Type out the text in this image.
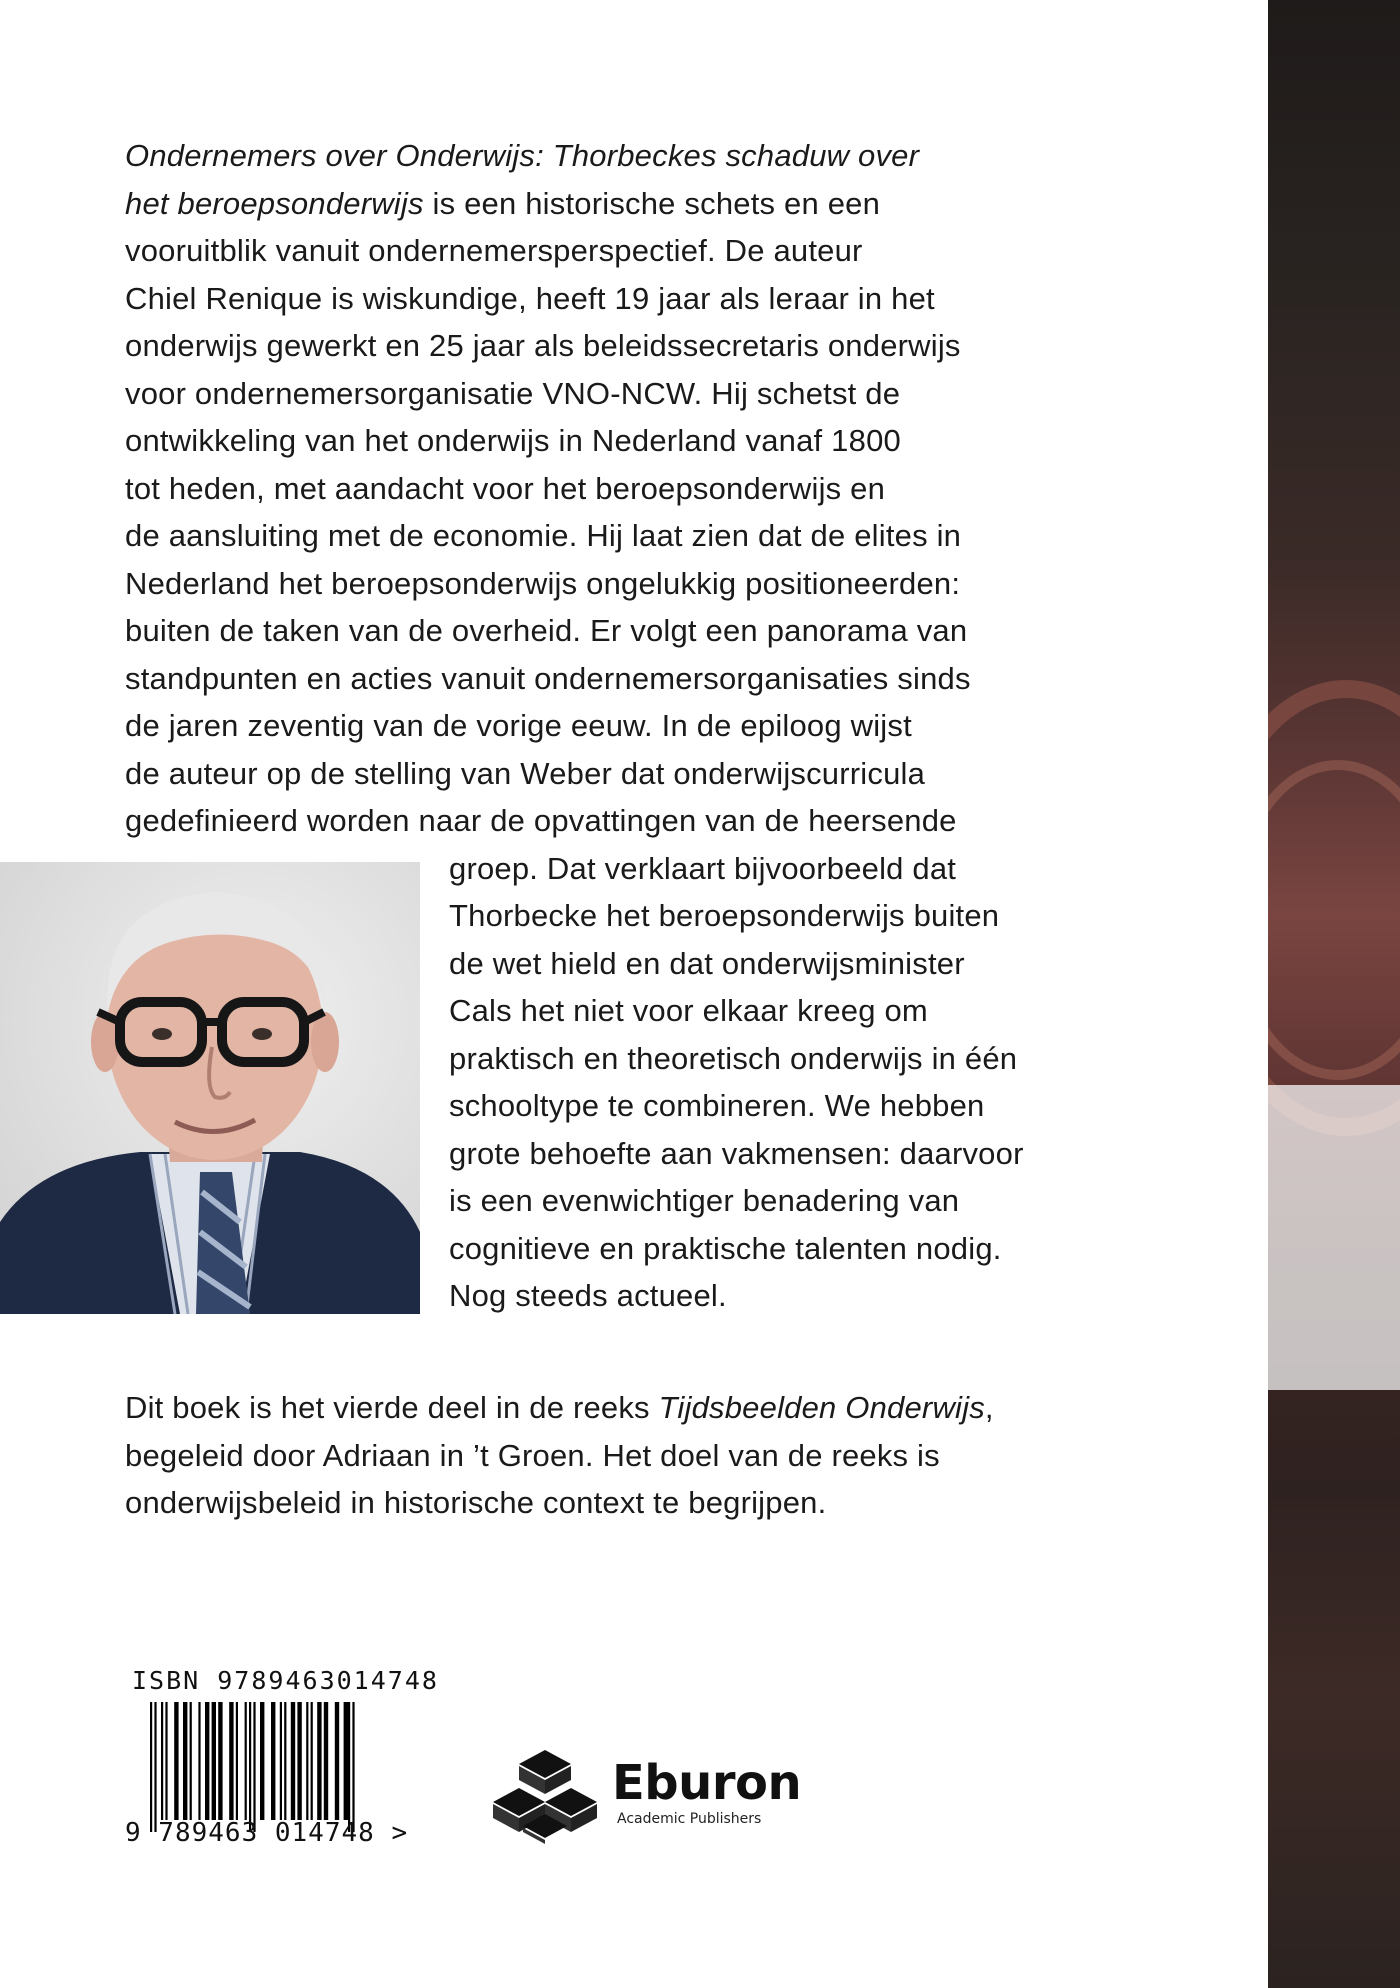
Ondernemers over Onderwijs: Thorbeckes schaduw over
het beroepsonderwijs is een historische schets en een
vooruitblik vanuit ondernemersperspectief. De auteur
Chiel Renique is wiskundige, heeft 19 jaar als leraar in het
onderwijs gewerkt en 25 jaar als beleidssecretaris onderwijs
voor ondernemersorganisatie VNO-NCW. Hij schetst de
ontwikkeling van het onderwijs in Nederland vanaf 1800
tot heden, met aandacht voor het beroepsonderwijs en
de aansluiting met de economie. Hij laat zien dat de elites in
Nederland het beroepsonderwijs ongelukkig positioneerden:
buiten de taken van de overheid. Er volgt een panorama van
standpunten en acties vanuit ondernemersorganisaties sinds
de jaren zeventig van de vorige eeuw. In de epiloog wijst
de auteur op de stelling van Weber dat onderwijscurricula
gedefinieerd worden naar de opvattingen van de heersende
groep. Dat verklaart bijvoorbeeld dat
Thorbecke het beroepsonderwijs buiten
de wet hield en dat onderwijsminister
Cals het niet voor elkaar kreeg om
praktisch en theoretisch onderwijs in één
schooltype te combineren. We hebben
grote behoefte aan vakmensen: daarvoor
is een evenwichtiger benadering van
cognitieve en praktische talenten nodig.
Nog steeds actueel.
Dit boek is het vierde deel in de reeks Tijdsbeelden Onderwijs,
begeleid door Adriaan in ’t Groen. Het doel van de reeks is
onderwijsbeleid in historische context te begrijpen.
ISBN 9789463014748
9 789463 014748 >
Eburon
Academic Publishers
